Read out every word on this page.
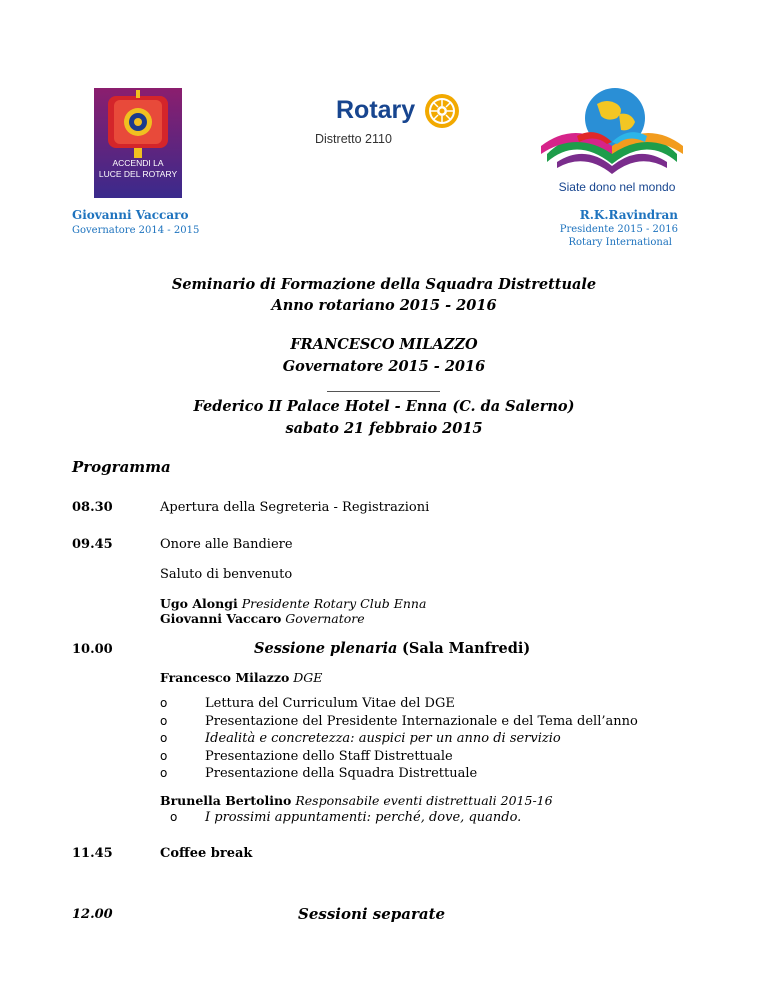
ACCENDI LA
LUCE DEL ROTARY
Rotary
Distretto 2110
Siate dono nel mondo
Giovanni Vaccaro
Governatore 2014 - 2015
R.K.Ravindran
Presidente 2015 - 2016
Rotary International
Seminario di Formazione della Squadra Distrettuale
Anno rotariano 2015 - 2016
FRANCESCO MILAZZO
Governatore 2015 - 2016
Federico II Palace Hotel - Enna (C. da Salerno)
sabato 21 febbraio 2015
Programma
08.30	Apertura della Segreteria - Registrazioni
09.45	Onore alle Bandiere
Saluto di benvenuto
Ugo Alongi Presidente Rotary Club Enna
Giovanni Vaccaro Governatore
10.00	Sessione plenaria (Sala Manfredi)
Francesco Milazzo DGE
o	Lettura del Curriculum Vitae del DGE
o	Presentazione del Presidente Internazionale e del Tema dell’anno
o	Idealità e concretezza: auspici per un anno di servizio
o	Presentazione dello Staff Distrettuale
o	Presentazione della Squadra Distrettuale
Brunella Bertolino Responsabile eventi distrettuali 2015-16
o I prossimi appuntamenti: perché, dove, quando.
11.45	Coffee break
12.00	Sessioni separate
